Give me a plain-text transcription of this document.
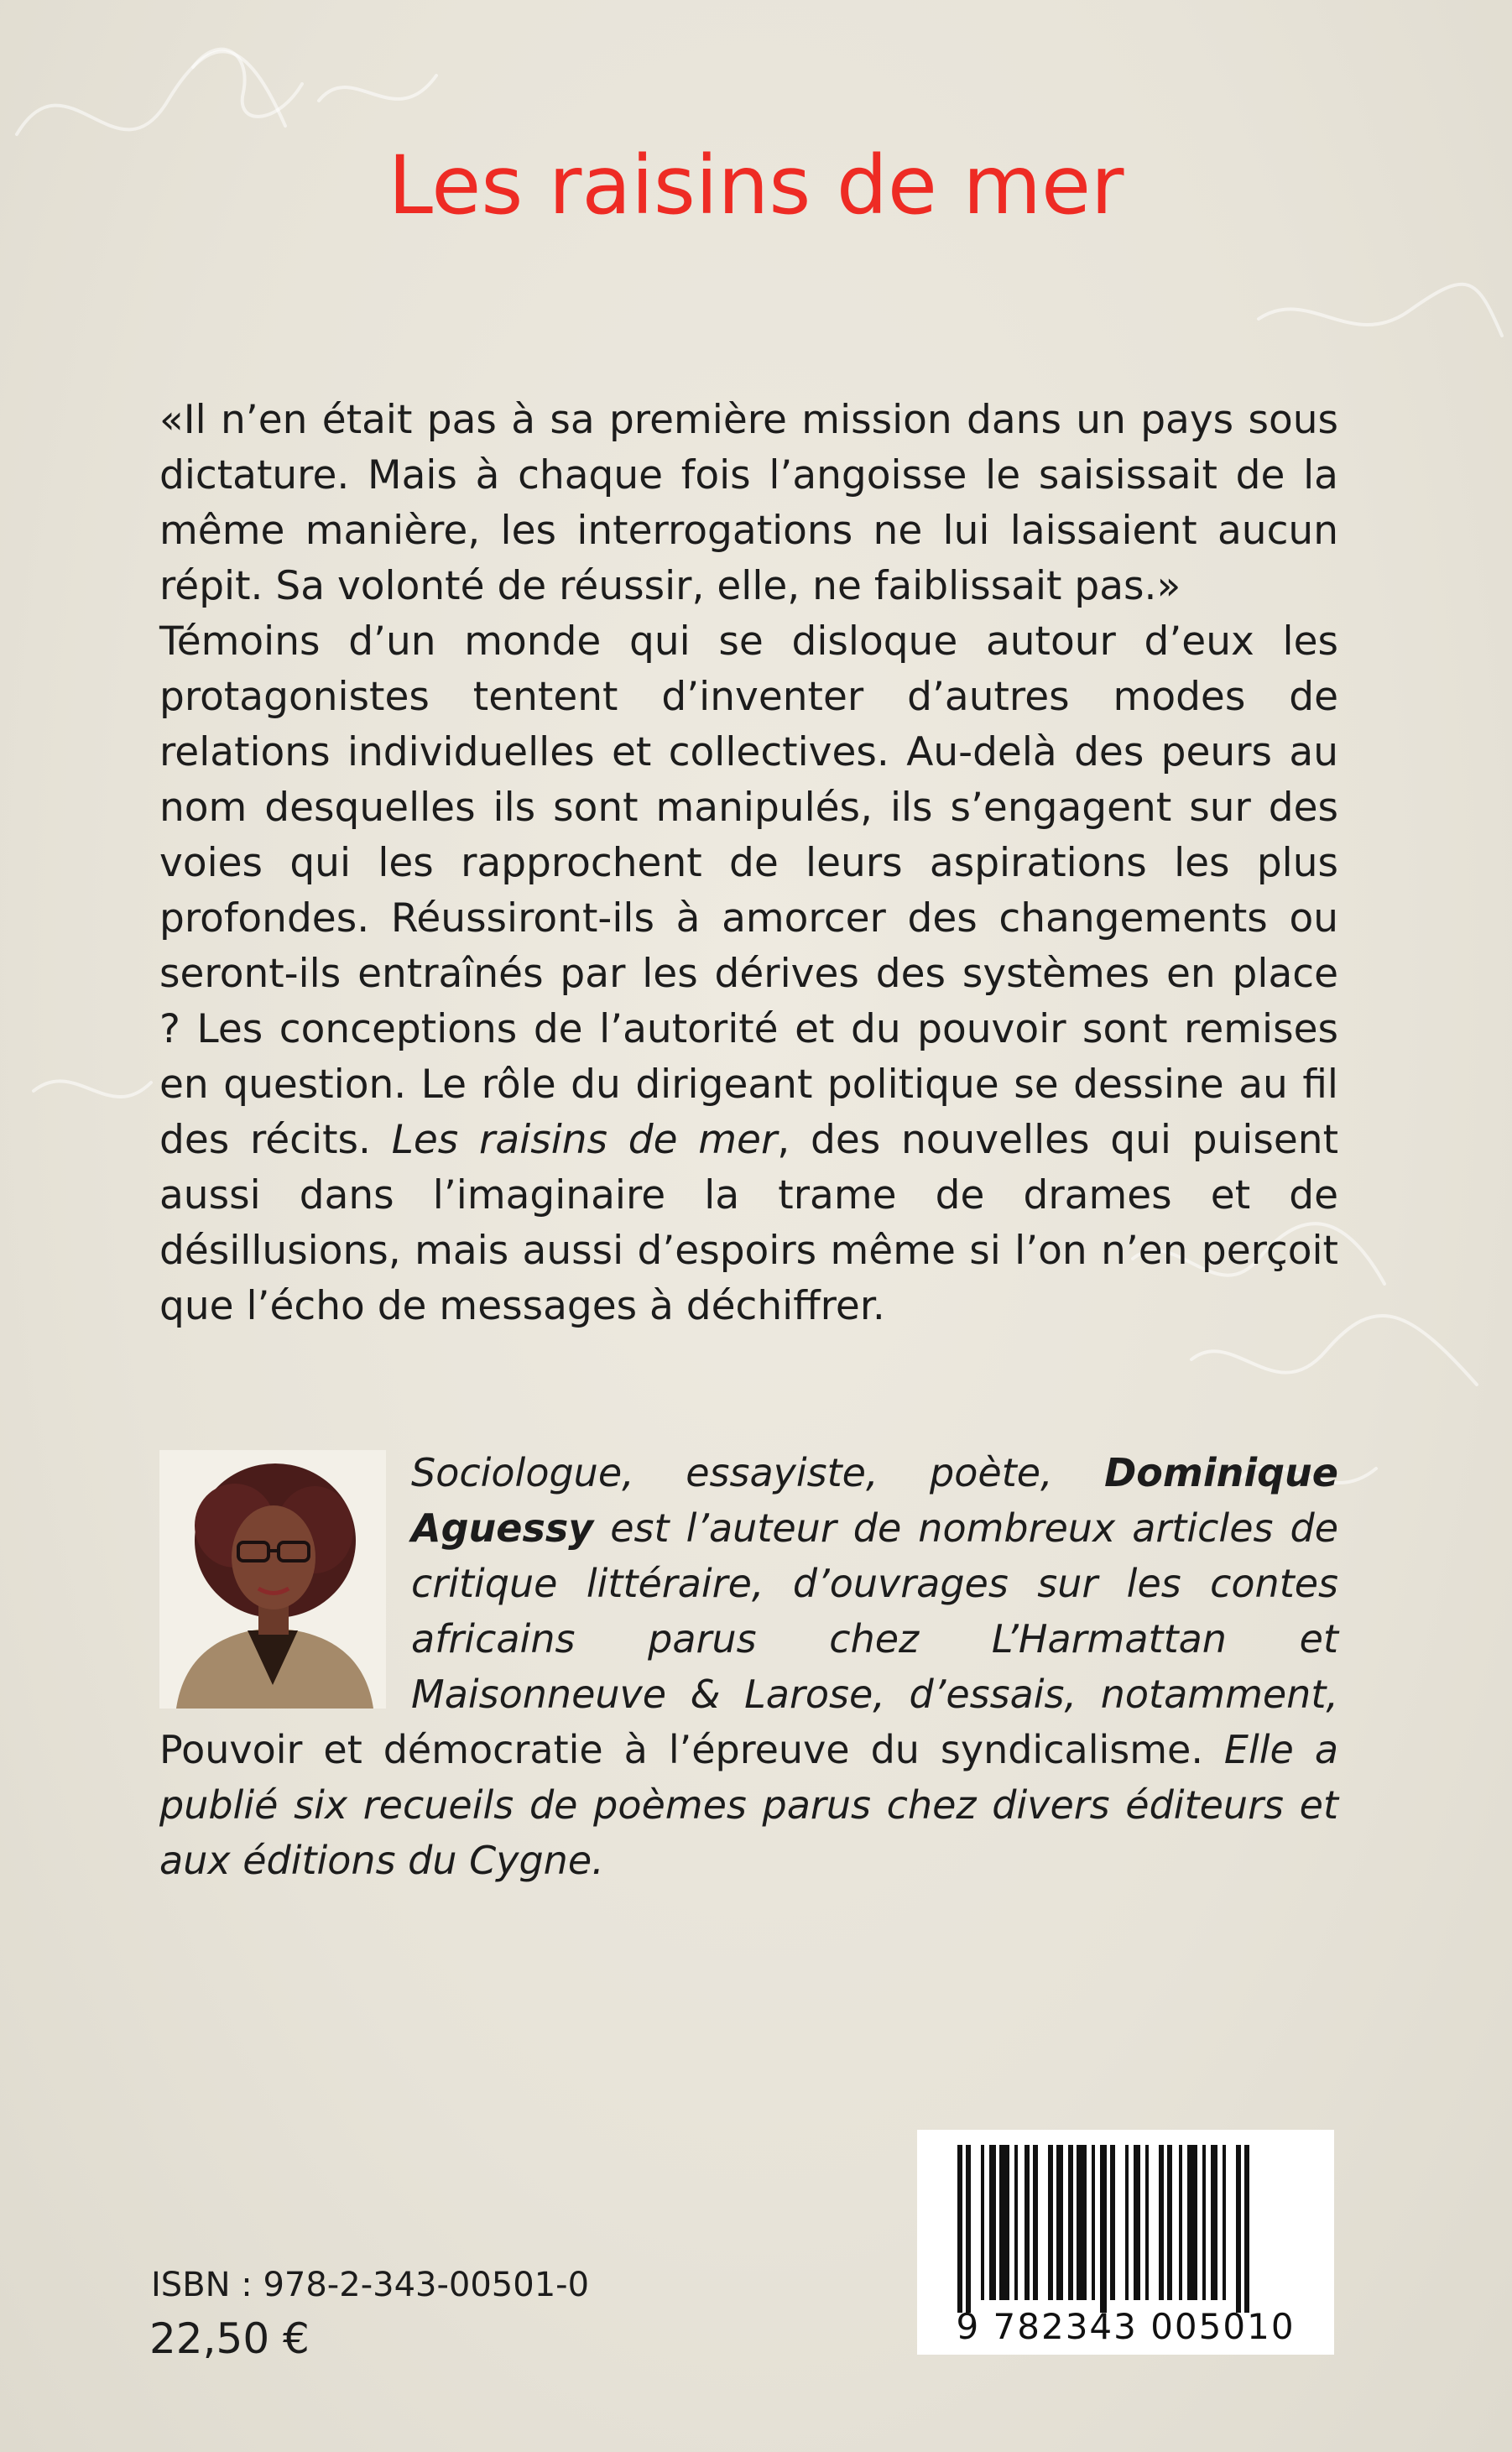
Les raisins de mer

«Il n’en était pas à sa première mission dans un pays sous dictature. Mais à chaque fois l’angoisse le saisissait de la même manière, les interrogations ne lui laissaient aucun répit. Sa volonté de réussir, elle, ne faiblissait pas.»

Témoins d’un monde qui se disloque autour d’eux les protagonistes tentent d’inventer d’autres modes de relations individuelles et collectives. Au-delà des peurs au nom desquelles ils sont manipulés, ils s’engagent sur des voies qui les rapprochent de leurs aspirations les plus profondes. Réussiront-ils à amorcer des changements ou seront-ils entraînés par les dérives des systèmes en place ? Les conceptions de l’autorité et du pouvoir sont remises en question. Le rôle du dirigeant politique se dessine au fil des récits. Les raisins de mer, des nouvelles qui puisent aussi dans l’imaginaire la trame de drames et de désillusions, mais aussi d’espoirs même si l’on n’en perçoit que l’écho de messages à déchiffrer.

Sociologue, essayiste, poète, Dominique Aguessy est l’auteur de nombreux articles de critique littéraire, d’ouvrages sur les contes africains parus chez L’Harmattan et Maisonneuve & Larose, d’essais, notamment, Pouvoir et démocratie à l’épreuve du syndicalisme. Elle a publié six recueils de poèmes parus chez divers éditeurs et aux éditions du Cygne.
ISBN : 978-2-343-00501-0
22,50 €	9 782343 005010
